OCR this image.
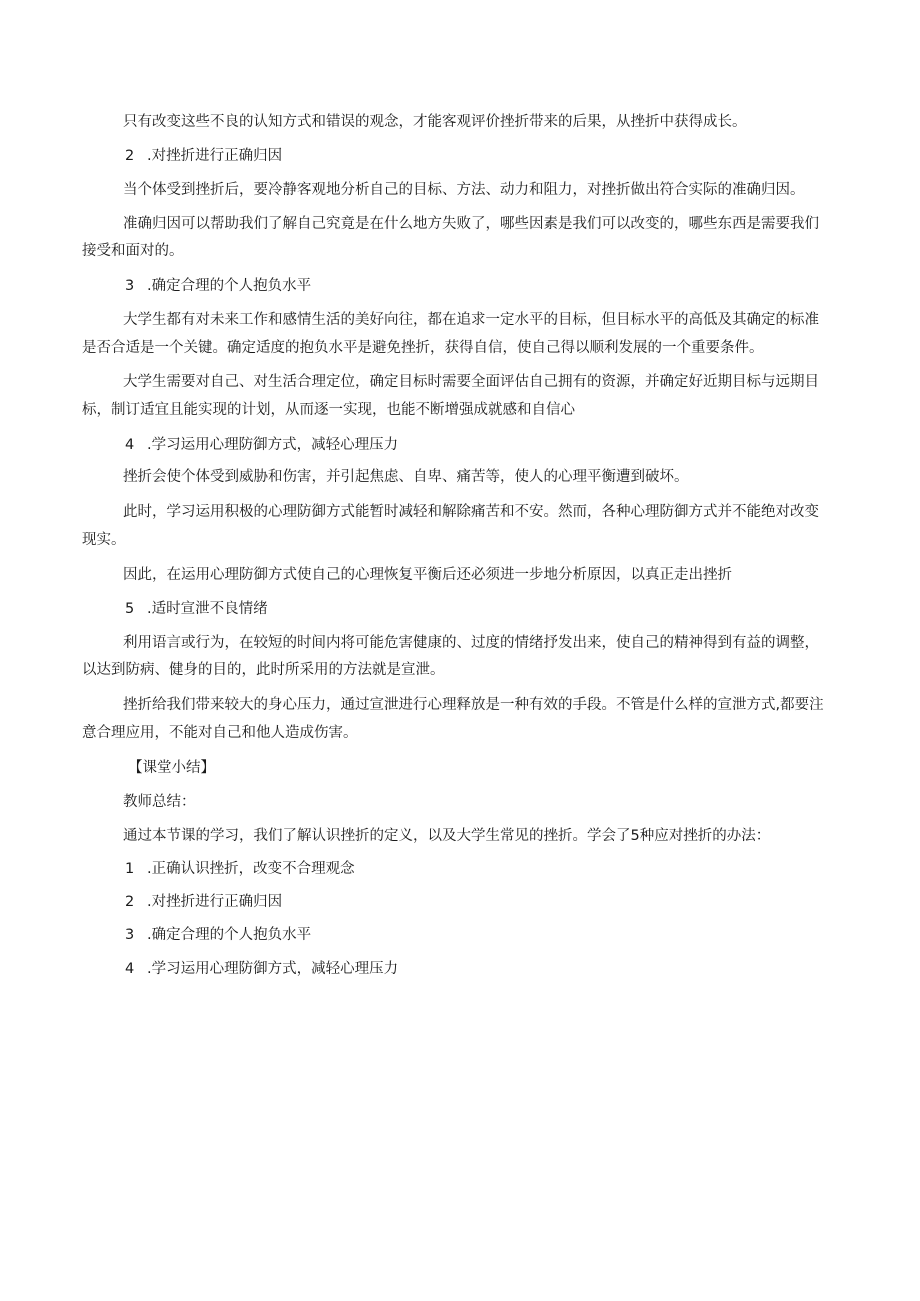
只有改变这些不良的认知方式和错误的观念，才能客观评价挫折带来的后果，从挫折中获得成长。
2 .对挫折进行正确归因
当个体受到挫折后，要冷静客观地分析自己的目标、方法、动力和阻力，对挫折做出符合实际的准确归因。
准确归因可以帮助我们了解自己究竟是在什么地方失败了，哪些因素是我们可以改变的，哪些东西是需要我们
接受和面对的。
3 .确定合理的个人抱负水平
大学生都有对未来工作和感情生活的美好向往，都在追求一定水平的目标，但目标水平的高低及其确定的标准
是否合适是一个关键。确定适度的抱负水平是避免挫折，获得自信，使自己得以顺利发展的一个重要条件。
大学生需要对自己、对生活合理定位，确定目标时需要全面评估自己拥有的资源，并确定好近期目标与远期目
标，制订适宜且能实现的计划，从而逐一实现，也能不断增强成就感和自信心
4 .学习运用心理防御方式，减轻心理压力
挫折会使个体受到威胁和伤害，并引起焦虑、自卑、痛苦等，使人的心理平衡遭到破坏。
此时，学习运用积极的心理防御方式能暂时减轻和解除痛苦和不安。然而，各种心理防御方式并不能绝对改变
现实。
因此，在运用心理防御方式使自己的心理恢复平衡后还必须进一步地分析原因，以真正走出挫折
5 .适时宣泄不良情绪
利用语言或行为，在较短的时间内将可能危害健康的、过度的情绪抒发出来，使自己的精神得到有益的调整，
以达到防病、健身的目的，此时所采用的方法就是宣泄。
挫折给我们带来较大的身心压力，通过宣泄进行心理释放是一种有效的手段。不管是什么样的宣泄方式,都要注
意合理应用，不能对自己和他人造成伤害。
【课堂小结】
教师总结：
通过本节课的学习，我们了解认识挫折的定义，以及大学生常见的挫折。学会了5种应对挫折的办法：
1 .正确认识挫折，改变不合理观念
2 .对挫折进行正确归因
3 .确定合理的个人抱负水平
4 .学习运用心理防御方式，减轻心理压力
